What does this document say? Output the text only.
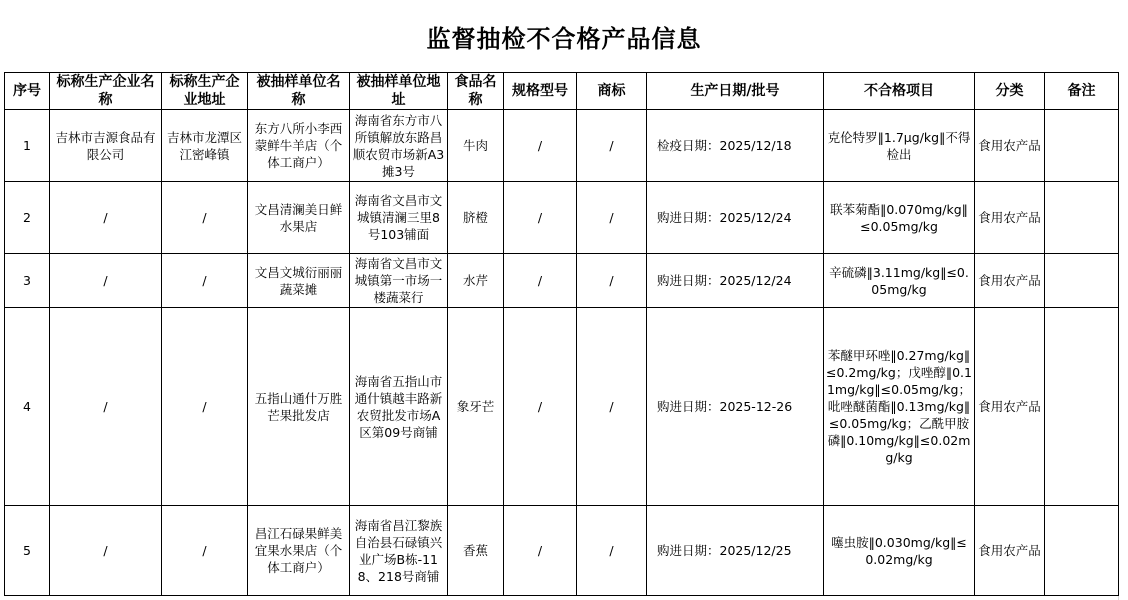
监督抽检不合格产品信息
序号	标称生产企业名称	标称生产企业地址	被抽样单位名称	被抽样单位地址	食品名称	规格型号	商标	生产日期/批号	不合格项目	分类	备注
1	吉林市吉源食品有限公司	吉林市龙潭区江密峰镇	东方八所小李西蒙鲜牛羊店（个体工商户）	海南省东方市八所镇解放东路昌顺农贸市场新A3摊3号	牛肉	/	/	检疫日期：2025/12/18	克伦特罗‖1.7μg/kg‖不得检出	食用农产品	
2	/	/	文昌清澜美日鲜水果店	海南省文昌市文城镇清澜三里8号103铺面	脐橙	/	/	购进日期：2025/12/24	联苯菊酯‖0.070mg/kg‖≤0.05mg/kg	食用农产品	
3	/	/	文昌文城衍丽丽蔬菜摊	海南省文昌市文城镇第一市场一楼蔬菜行	水芹	/	/	购进日期：2025/12/24	辛硫磷‖3.11mg/kg‖≤0.05mg/kg	食用农产品	
4	/	/	五指山通什万胜芒果批发店	海南省五指山市通什镇越丰路新农贸批发市场A区第09号商铺	象牙芒	/	/	购进日期：2025-12-26	苯醚甲环唑‖0.27mg/kg‖≤0.2mg/kg；戊唑醇‖0.11mg/kg‖≤0.05mg/kg；吡唑醚菌酯‖0.13mg/kg‖≤0.05mg/kg；乙酰甲胺磷‖0.10mg/kg‖≤0.02mg/kg	食用农产品	
5	/	/	昌江石碌果鲜美宜果水果店（个体工商户）	海南省昌江黎族自治县石碌镇兴业广场B栋-118、218号商铺	香蕉	/	/	购进日期：2025/12/25	噻虫胺‖0.030mg/kg‖≤0.02mg/kg	食用农产品	
